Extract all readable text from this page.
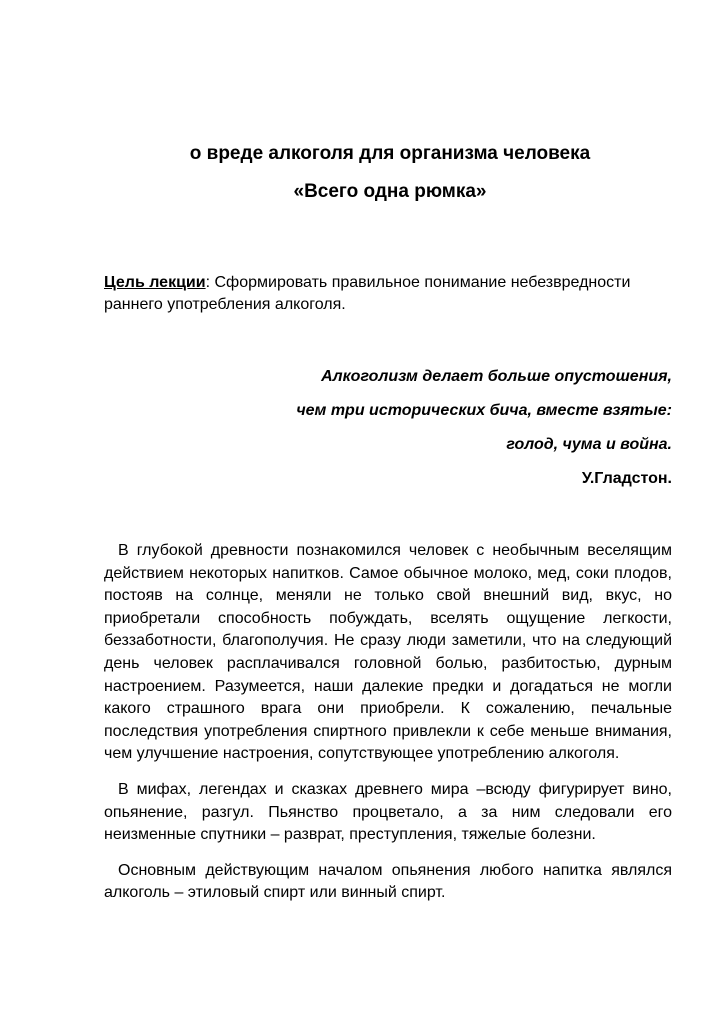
о вреде алкоголя для организма человека
«Всего одна рюмка»
Цель лекции: Сформировать правильное понимание небезвредности раннего употребления алкоголя.
Алкоголизм делает больше опустошения,
чем три исторических бича, вместе взятые:
голод, чума и война.
У.Гладстон.

В глубокой древности познакомился человек с необычным веселящим действием некоторых напитков. Самое обычное молоко, мед, соки плодов, постояв на солнце, меняли не только свой внешний вид, вкус, но приобретали способность побуждать, вселять ощущение легкости, беззаботности, благополучия. Не сразу люди заметили, что на следующий день человек расплачивался головной болью, разбитостью, дурным настроением. Разумеется, наши далекие предки и догадаться не могли какого страшного врага они приобрели. К сожалению, печальные последствия употребления спиртного привлекли к себе меньше внимания, чем улучшение настроения, сопутствующее употреблению алкоголя.

В мифах, легендах и сказках древнего мира –всюду фигурирует вино, опьянение, разгул. Пьянство процветало, а за ним следовали его неизменные спутники – разврат, преступления, тяжелые болезни.

Основным действующим началом опьянения любого напитка являлся алкоголь – этиловый спирт или винный спирт.
